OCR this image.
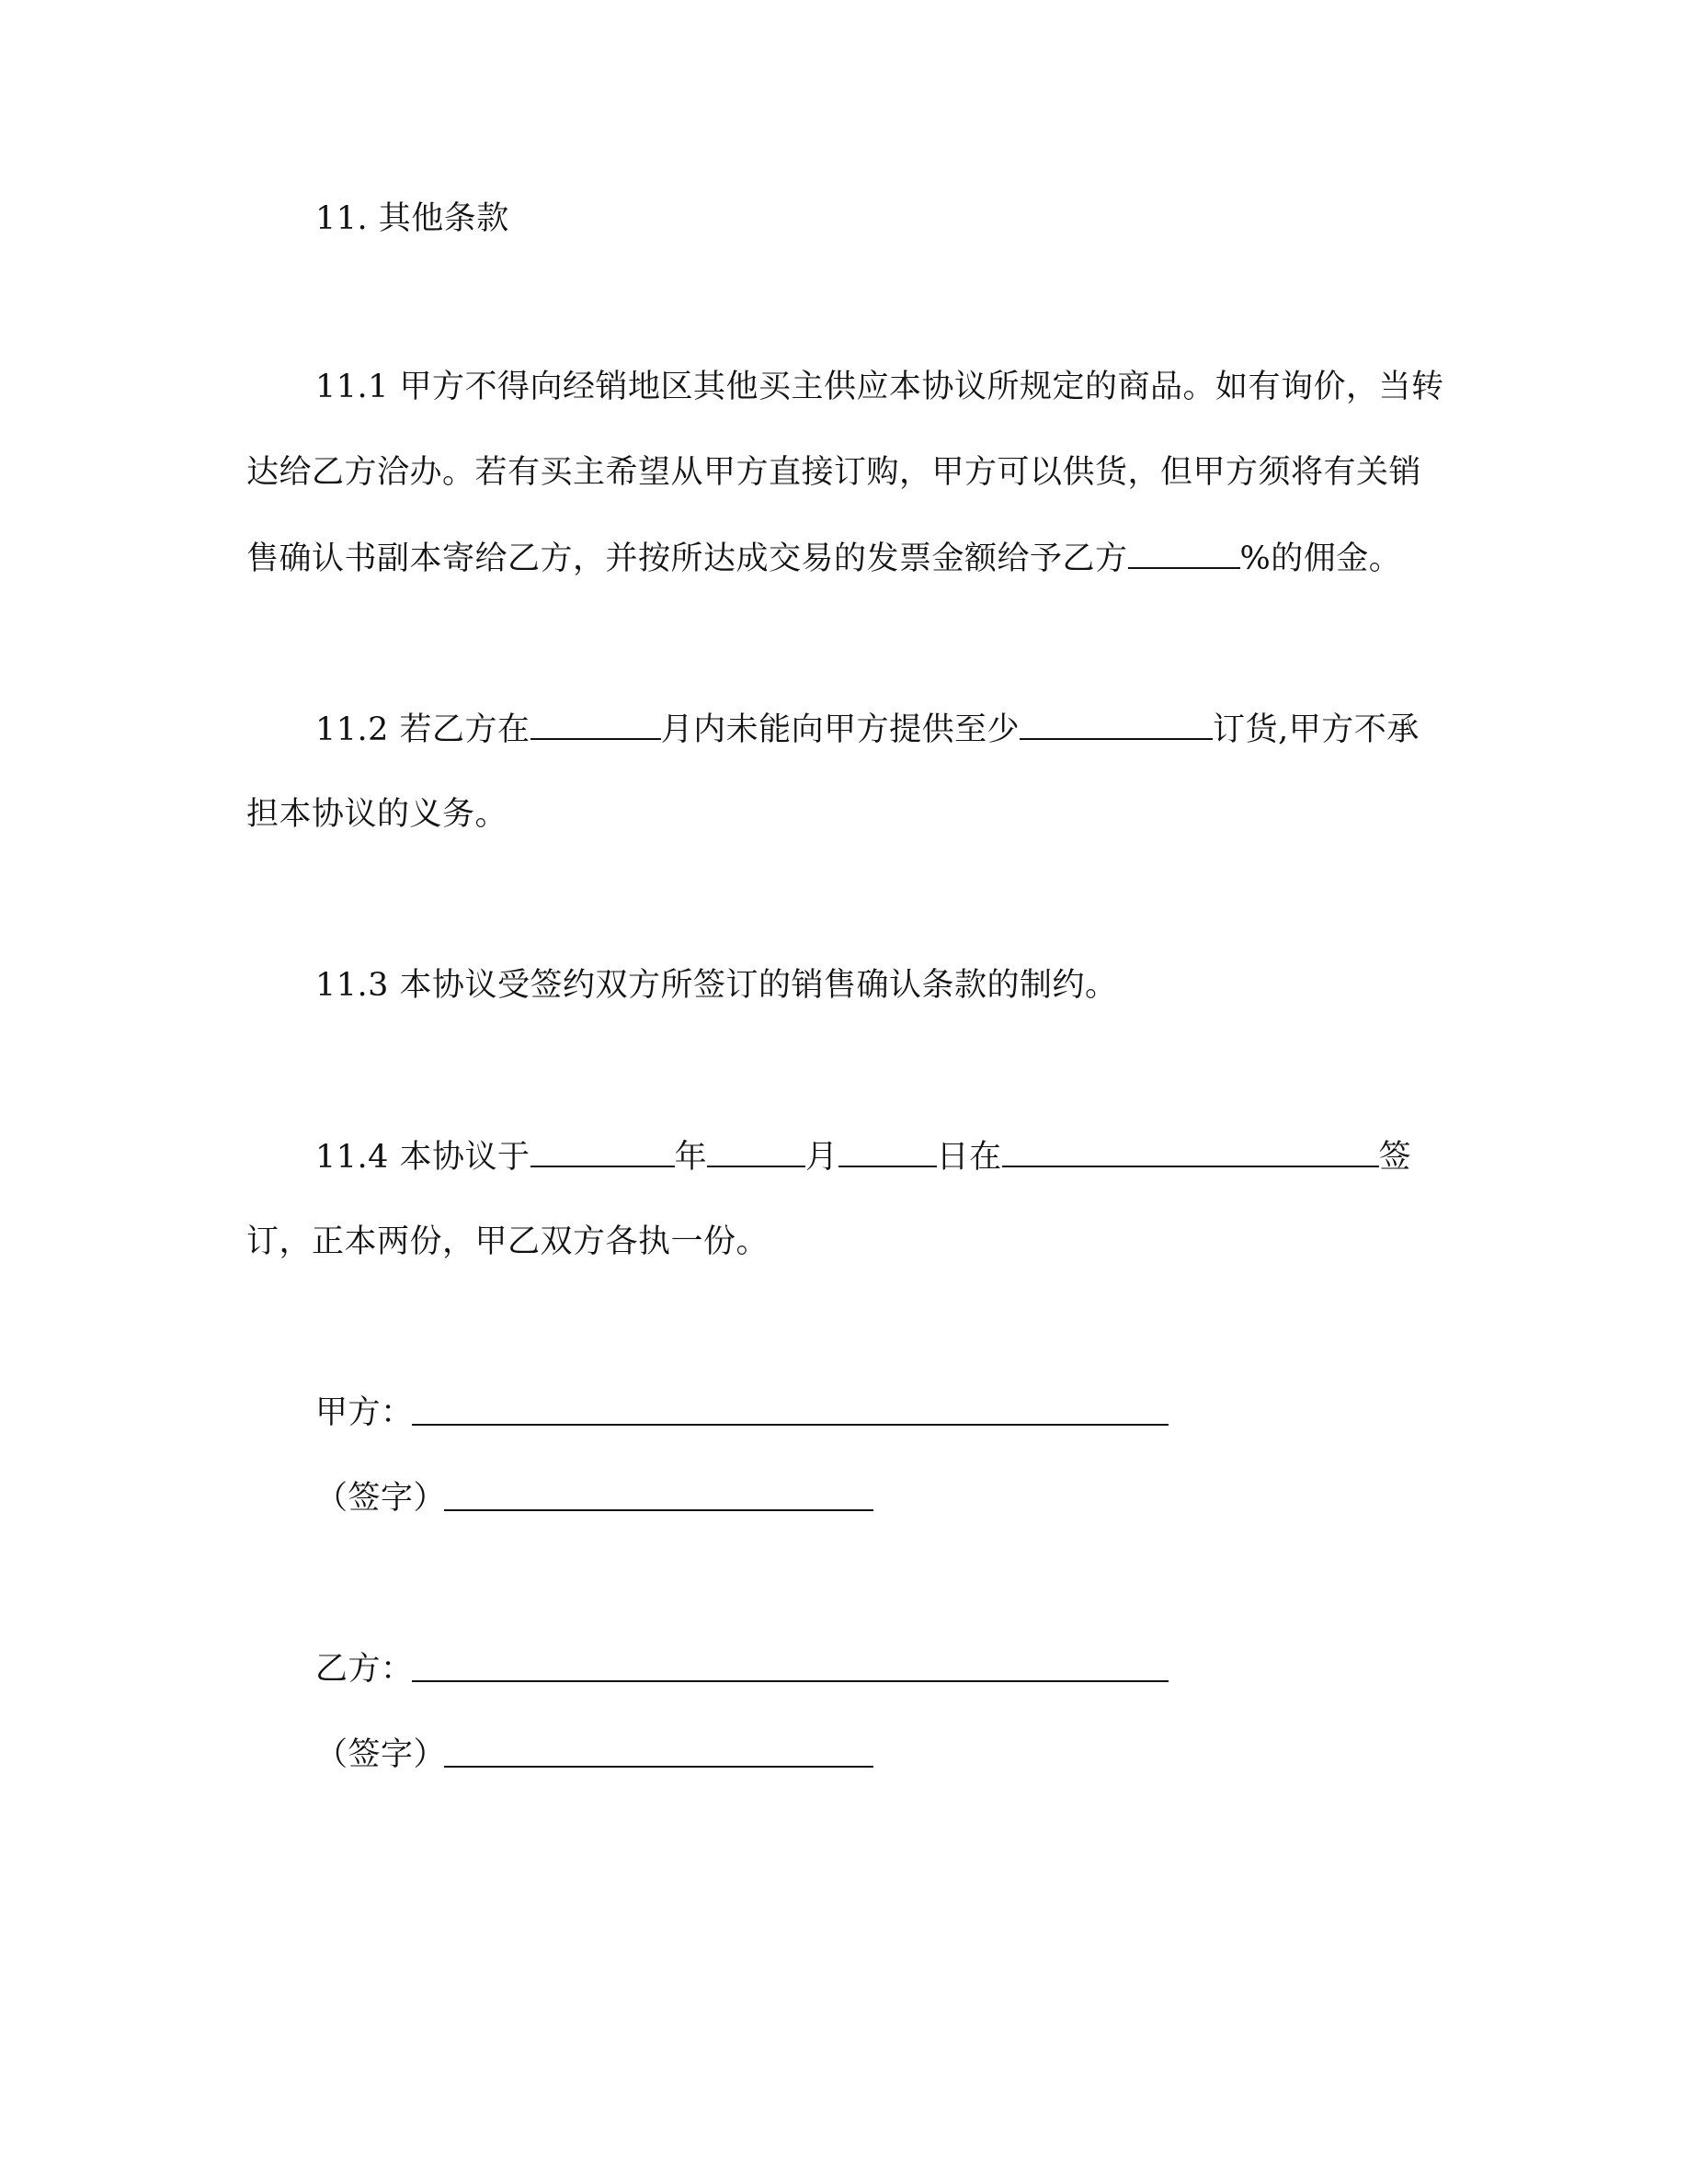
11. 其他条款
11.1 甲方不得向经销地区其他买主供应本协议所规定的商品。如有询价，当转
达给乙方洽办。若有买主希望从甲方直接订购，甲方可以供货，但甲方须将有关销
售确认书副本寄给乙方，并按所达成交易的发票金额给予乙方	%的佣金。
11.2 若乙方在	月内未能向甲方提供至少	订货,甲方不承
担本协议的义务。
11.3 本协议受签约双方所签订的销售确认条款的制约。
11.4 本协议于	年	月	日在	签
订，正本两份，甲乙双方各执一份。
甲方：
（签字）
乙方：
（签字）
